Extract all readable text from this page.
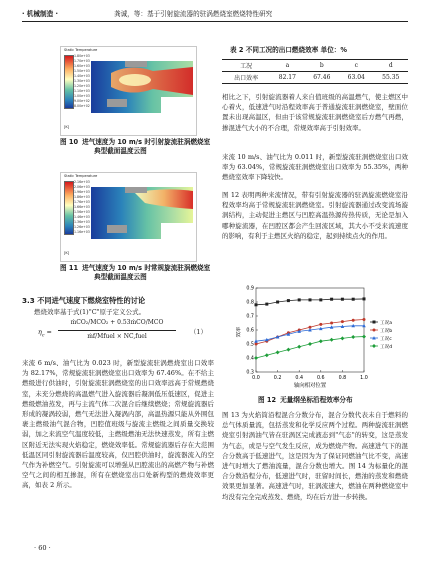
· 机械制造 ·	龚诚，等：基于引射旋流器的驻涡燃烧室燃烧特性研究
Static Temperature
1.80e+03
1.70e+03
1.60e+03
1.50e+03
1.40e+03
1.30e+03
1.20e+03
1.10e+03
1.00e+03
9.00e+02
8.00e+02
[K]
图 10 进气速度为 10 m/s 时引射旋流驻涡燃烧室
典型截面温度云图
Static Temperature
2.16e+03
2.06e+03
1.96e+03
1.86e+03
1.76e+03
1.66e+03
1.56e+03
1.46e+03
1.36e+03
1.26e+03
1.16e+03
[K]
图 11 进气速度为 10 m/s 时常规旋流驻涡燃烧室
典型截面温度云图
3.3 不同进气速度下燃烧室特性的讨论

燃烧效率基于式(1)"C"原子定义公式。

$\eta_c$ =
ṁCO₂/MCO₂ + 0.53ṁCO/MCO
ṁf/Mfuel × NC,fuel
（1）

来流 6 m/s、油气比为 0.023 时，新型旋流驻涡燃烧室出口效率为 82.17%，常规旋流驻涡燃烧室出口效率为 67.46%。在不给主燃级进行供油时，引射旋流驻涡燃烧室的出口效率远高于常规燃烧室，未充分燃烧的高温燃气进入旋流器后凝涡低压低速区，促进主燃级燃油蒸发，再与主流气体二次混合后继续燃烧；常规旋流器后形成的凝涡较弱，燃气无法进入凝涡内部，高温热源只能从外围包裹主燃级油气混合物，凹腔值班级与旋流主燃级之间质量交换较弱，加之来流空气温度较低，主燃级燃油无法快速蒸发，所有主燃区附近无法实现火焰稳定，燃烧效率低。常规旋流器后存在大范围低温区同引射旋流器后温度较高，仅凹腔供油时，旋流器流入的空气作为补燃空气。引射旋流可以增强从凹腔流出的高燃产物与补燃空气之间的相互掺混，所有在燃烧室出口处新构型的燃烧效率更高，如表 2 所示。

表 2 不同工况的出口燃烧效率 单位：%
工况	a	b	c	d
出口效率	82.17	67.46	63.04	55.35

相比之下，引射旋流器着人来自值班级的高温燃气，使主燃区中心着火，低速进气时沿程效率高于普通旋流驻涡燃烧室，壁面位置未出现高温区，但由于该常规旋流驻涡燃烧室后方燃气再燃，掺混进气大小的不合理，常规效率高于引射效率。

来流 10 m/s、油气比为 0.011 时，新型旋流驻涡燃烧室出口效率为 63.04%，常规旋流驻涡燃烧室出口效率为 55.35%，两种燃烧室效率下降较快。

图 12 表明两种来流情况，带有引射旋流器的驻涡旋流燃烧室沿程效率均高于常规旋流驻涡燃烧室。引射旋流器通过改变流场漩涡结构，主动促进主燃区与凹腔高温热源传热传质，无论是加入哪种旋流器，在凹腔区都会产生回流区域，其大小不受来流速度的影响，有利于主燃区火焰的稳定，起到持续点火的作用。

0.0	0.2	0.4	0.6	0.8	1.0
0.3
0.4
0.5
0.6
0.7
0.8
0.9
工况a
工况b
工况c
工况d
效率
轴向相对位置
图 12 无量纲坐标沿程效率分布

图 13 为火焰筒沿程混合分数分布，混合分数代表未自于燃料的总气体质量流，包括蒸发和化学反应两个过程。两种旋流驻涡燃烧室引射涡油气皆在驻涡区完成液态到"气态"的转变，这是蒸发为气态，或是与空气发生反应，成为燃烧产物。高速进气下的混合分数高于低速进气，这是因为为了保证同燃油气比不变，高速进气时增大了燃油流量，混合分数也增大。图 14 为标量化的混合分数沿程分布，低速进气时，驻留时间长，燃油的蒸发和燃烧效果更加显著。高速进气时，驻涡流速大，燃油在两种燃烧室中均没有完全完成蒸发、燃烧，均在后方进一步转换。

· 60 ·
